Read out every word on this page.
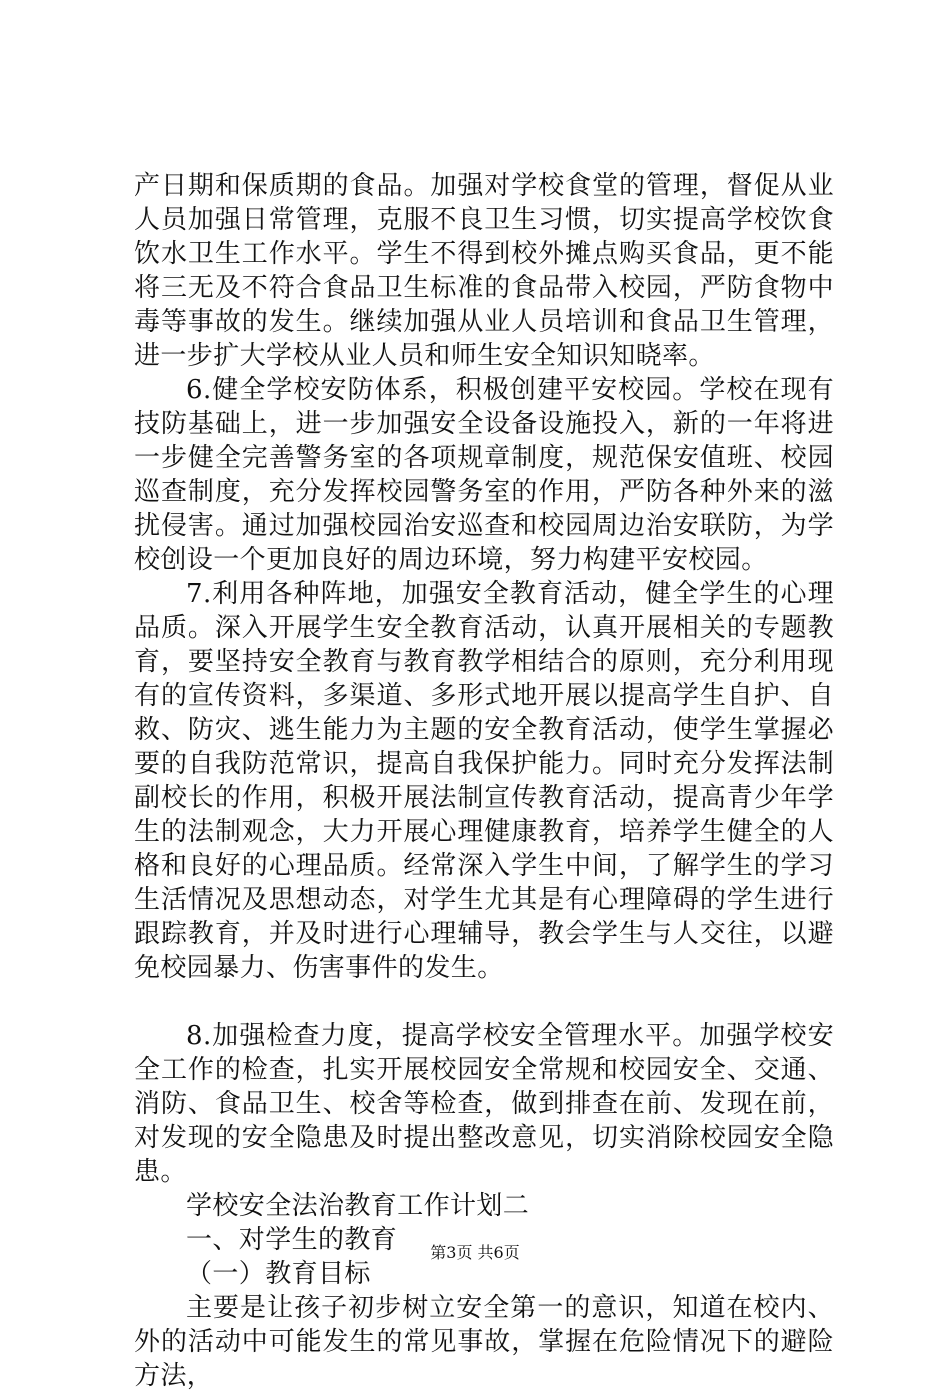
产日期和保质期的食品。加强对学校食堂的管理，督促从业人员加强日常管理，克服不良卫生习惯，切实提高学校饮食饮水卫生工作水平。学生不得到校外摊点购买食品，更不能将三无及不符合食品卫生标准的食品带入校园，严防食物中毒等事故的发生。继续加强从业人员培训和食品卫生管理，进一步扩大学校从业人员和师生安全知识知晓率。

6.健全学校安防体系，积极创建平安校园。学校在现有技防基础上，进一步加强安全设备设施投入，新的一年将进一步健全完善警务室的各项规章制度，规范保安值班、校园巡查制度，充分发挥校园警务室的作用，严防各种外来的滋扰侵害。通过加强校园治安巡查和校园周边治安联防，为学校创设一个更加良好的周边环境，努力构建平安校园。

7.利用各种阵地，加强安全教育活动，健全学生的心理品质。深入开展学生安全教育活动，认真开展相关的专题教育，要坚持安全教育与教育教学相结合的原则，充分利用现有的宣传资料，多渠道、多形式地开展以提高学生自护、自救、防灾、逃生能力为主题的安全教育活动，使学生掌握必要的自我防范常识，提高自我保护能力。同时充分发挥法制副校长的作用，积极开展法制宣传教育活动，提高青少年学生的法制观念，大力开展心理健康教育，培养学生健全的人格和良好的心理品质。经常深入学生中间，了解学生的学习生活情况及思想动态，对学生尤其是有心理障碍的学生进行跟踪教育，并及时进行心理辅导，教会学生与人交往，以避免校园暴力、伤害事件的发生。

8.加强检查力度，提高学校安全管理水平。加强学校安全工作的检查，扎实开展校园安全常规和校园安全、交通、消防、食品卫生、校舍等检查，做到排查在前、发现在前，对发现的安全隐患及时提出整改意见，切实消除校园安全隐患。

学校安全法治教育工作计划二

一、对学生的教育

（一）教育目标

主要是让孩子初步树立安全第一的意识，知道在校内、外的活动中可能发生的常见事故，掌握在危险情况下的避险方法，

第3页 共6页
